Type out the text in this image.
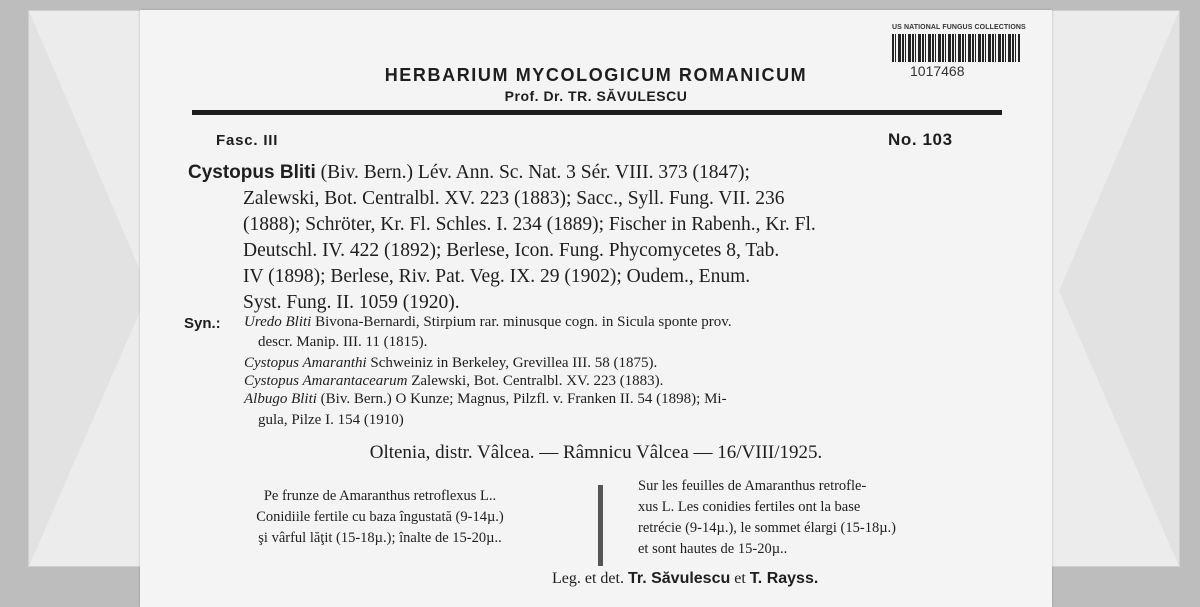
US NATIONAL FUNGUS COLLECTIONS
1017468
HERBARIUM MYCOLOGICUM ROMANICUM
Prof. Dr. TR. SĂVULESCU
Fasc. III	No. 103
Cystopus Bliti (Biv. Bern.) Lév. Ann. Sc. Nat. 3 Sér. VIII. 373 (1847);
Zalewski, Bot. Centralbl. XV. 223 (1883); Sacc., Syll. Fung. VII. 236
(1888); Schröter, Kr. Fl. Schles. I. 234 (1889); Fischer in Rabenh., Kr. Fl.
Deutschl. IV. 422 (1892); Berlese, Icon. Fung. Phycomycetes 8, Tab.
IV (1898); Berlese, Riv. Pat. Veg. IX. 29 (1902); Oudem., Enum.
Syst. Fung. II. 1059 (1920).
Syn.: Uredo Bliti Bivona-Bernardi, Stirpium rar. minusque cogn. in Sicula sponte prov.
descr. Manip. III. 11 (1815).
Cystopus Amaranthi Schweiniz in Berkeley, Grevillea III. 58 (1875).
Cystopus Amarantacearum Zalewski, Bot. Centralbl. XV. 223 (1883).
Albugo Bliti (Biv. Bern.) O Kunze; Magnus, Pilzfl. v. Franken II. 54 (1898); Mi-
gula, Pilze I. 154 (1910)
Oltenia, distr. Vâlcea. — Râmnicu Vâlcea — 16/VIII/1925.
Pe frunze de Amaranthus retroflexus L..
Conidiile fertile cu baza îngustată (9-14µ.)
şi vârful lăţit (15-18µ.); înalte de 15-20µ..
Sur les feuilles de Amaranthus retrofle-
xus L. Les conidies fertiles ont la base
retrécie (9-14µ.), le sommet élargi (15-18µ.)
et sont hautes de 15-20µ..
Leg. et det. Tr. Săvulescu et T. Rayss.
